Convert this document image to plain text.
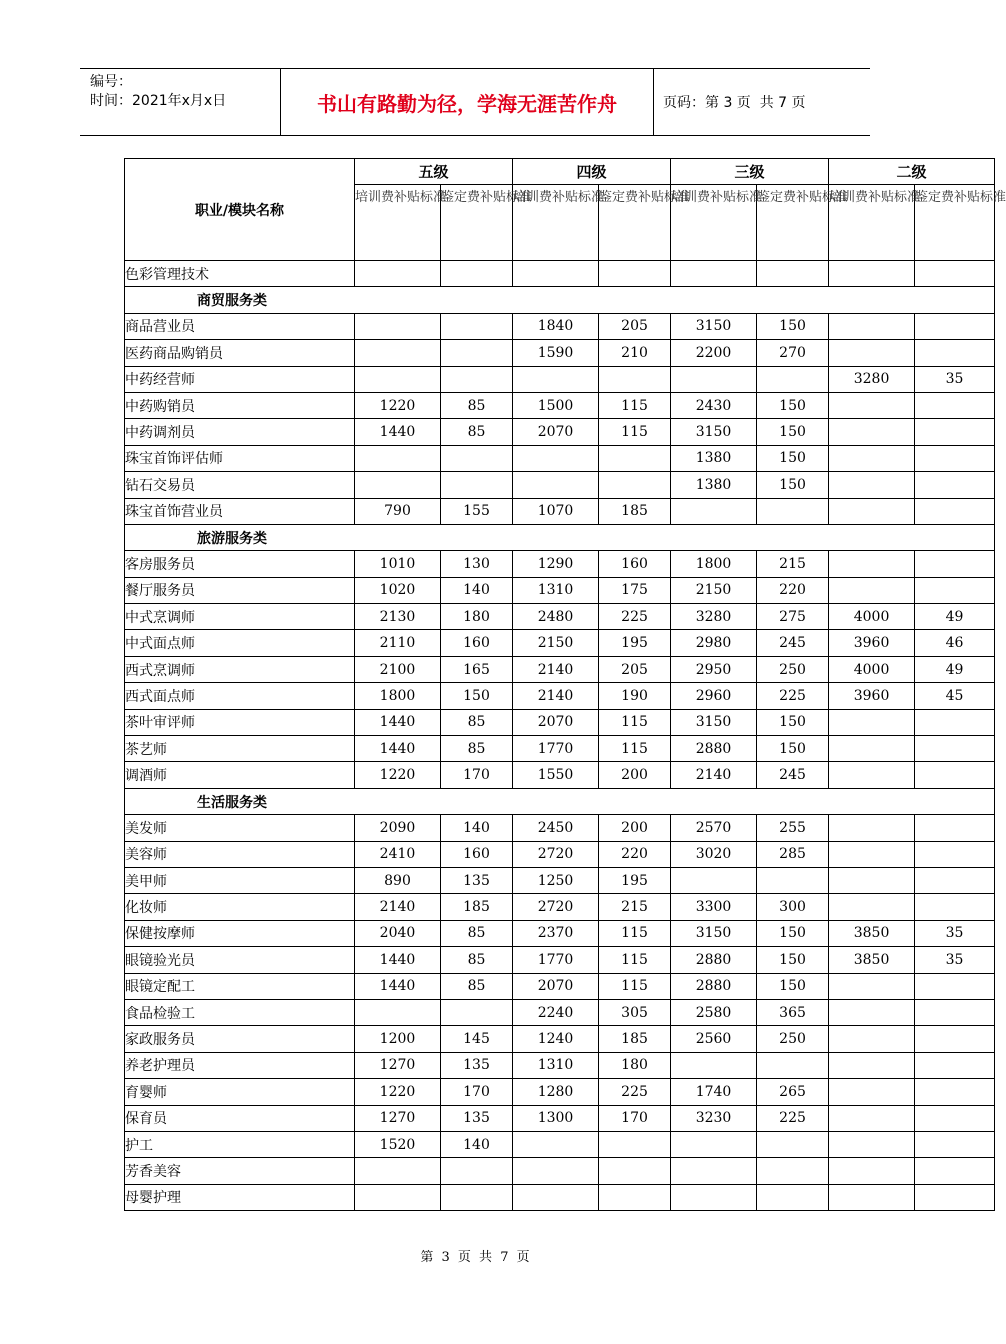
编号：
时间：2021年x月x日	书山有路勤为径，学海无涯苦作舟	页码：第 3 页  共 7 页
职业/模块名称	五级		四级		三级		二级	
	培训费补贴标准	鉴定费补贴标准	培训费补贴标准	鉴定费补贴标准	培训费补贴标准	鉴定费补贴标准	培训费补贴标准	鉴定费补贴标准
色彩管理技术								
商贸服务类								
商品营业员			1840	205	3150	150		
医药商品购销员			1590	210	2200	270		
中药经营师							3280	35
中药购销员	1220	85	1500	115	2430	150		
中药调剂员	1440	85	2070	115	3150	150		
珠宝首饰评估师					1380	150		
钻石交易员					1380	150		
珠宝首饰营业员	790	155	1070	185				
旅游服务类								
客房服务员	1010	130	1290	160	1800	215		
餐厅服务员	1020	140	1310	175	2150	220		
中式烹调师	2130	180	2480	225	3280	275	4000	49
中式面点师	2110	160	2150	195	2980	245	3960	46
西式烹调师	2100	165	2140	205	2950	250	4000	49
西式面点师	1800	150	2140	190	2960	225	3960	45
茶叶审评师	1440	85	2070	115	3150	150		
茶艺师	1440	85	1770	115	2880	150		
调酒师	1220	170	1550	200	2140	245		
生活服务类								
美发师	2090	140	2450	200	2570	255		
美容师	2410	160	2720	220	3020	285		
美甲师	890	135	1250	195				
化妆师	2140	185	2720	215	3300	300		
保健按摩师	2040	85	2370	115	3150	150	3850	35
眼镜验光员	1440	85	1770	115	2880	150	3850	35
眼镜定配工	1440	85	2070	115	2880	150		
食品检验工			2240	305	2580	365		
家政服务员	1200	145	1240	185	2560	250		
养老护理员	1270	135	1310	180				
育婴师	1220	170	1280	225	1740	265		
保育员	1270	135	1300	170	3230	225		
护工	1520	140						
芳香美容								
母婴护理								
第 3 页 共 7 页
